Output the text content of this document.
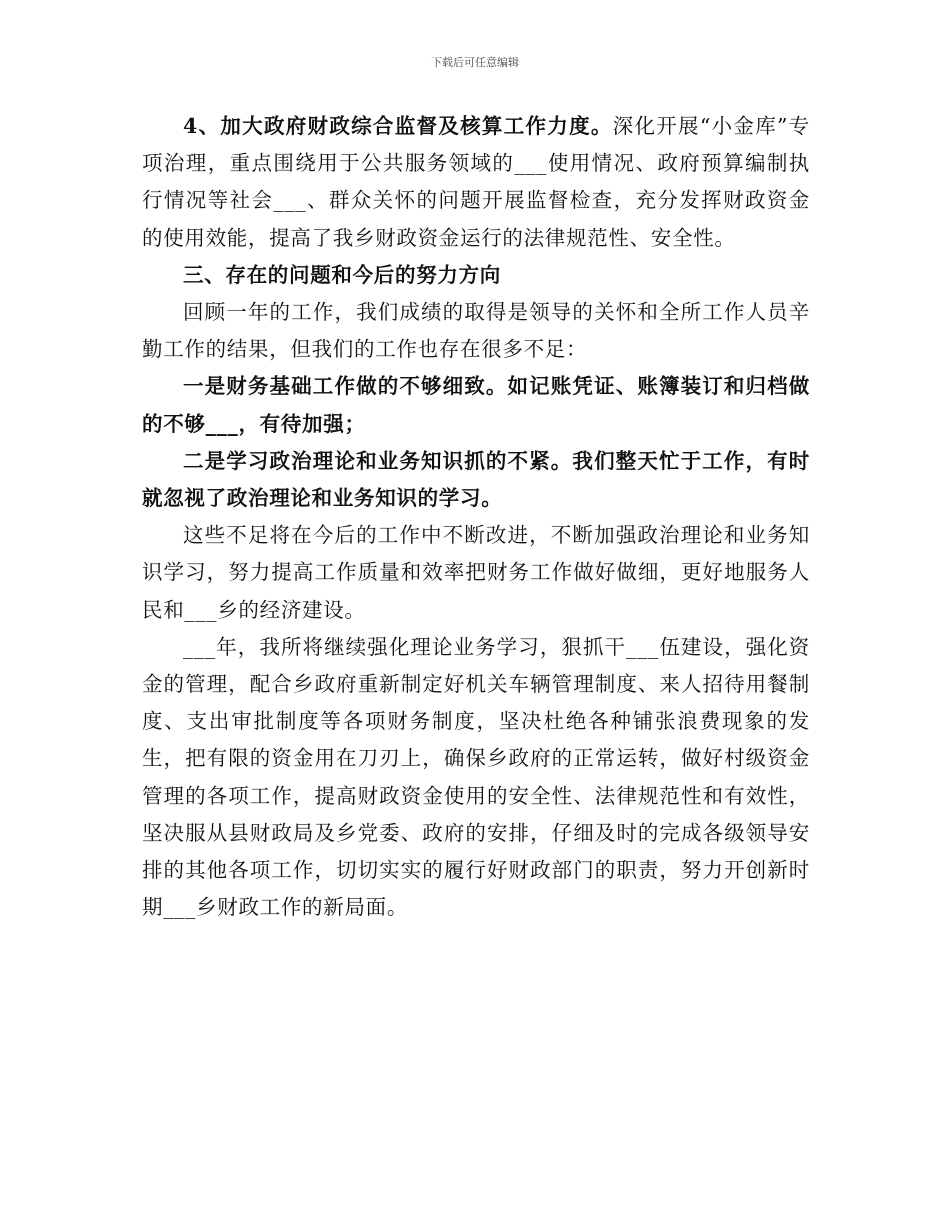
下载后可任意编辑

4、加大政府财政综合监督及核算工作力度。深化开展“小金库”专项治理，重点围绕用于公共服务领域的___使用情况、政府预算编制执行情况等社会___、群众关怀的问题开展监督检查，充分发挥财政资金的使用效能，提高了我乡财政资金运行的法律规范性、安全性。

三、存在的问题和今后的努力方向

回顾一年的工作，我们成绩的取得是领导的关怀和全所工作人员辛勤工作的结果，但我们的工作也存在很多不足：

一是财务基础工作做的不够细致。如记账凭证、账簿装订和归档做的不够___，有待加强；

二是学习政治理论和业务知识抓的不紧。我们整天忙于工作，有时就忽视了政治理论和业务知识的学习。

这些不足将在今后的工作中不断改进，不断加强政治理论和业务知识学习，努力提高工作质量和效率把财务工作做好做细，更好地服务人民和___乡的经济建设。

___年，我所将继续强化理论业务学习，狠抓干___伍建设，强化资金的管理，配合乡政府重新制定好机关车辆管理制度、来人招待用餐制度、支出审批制度等各项财务制度，坚决杜绝各种铺张浪费现象的发生，把有限的资金用在刀刃上，确保乡政府的正常运转，做好村级资金管理的各项工作，提高财政资金使用的安全性、法律规范性和有效性，坚决服从县财政局及乡党委、政府的安排，仔细及时的完成各级领导安排的其他各项工作，切切实实的履行好财政部门的职责，努力开创新时期___乡财政工作的新局面。
